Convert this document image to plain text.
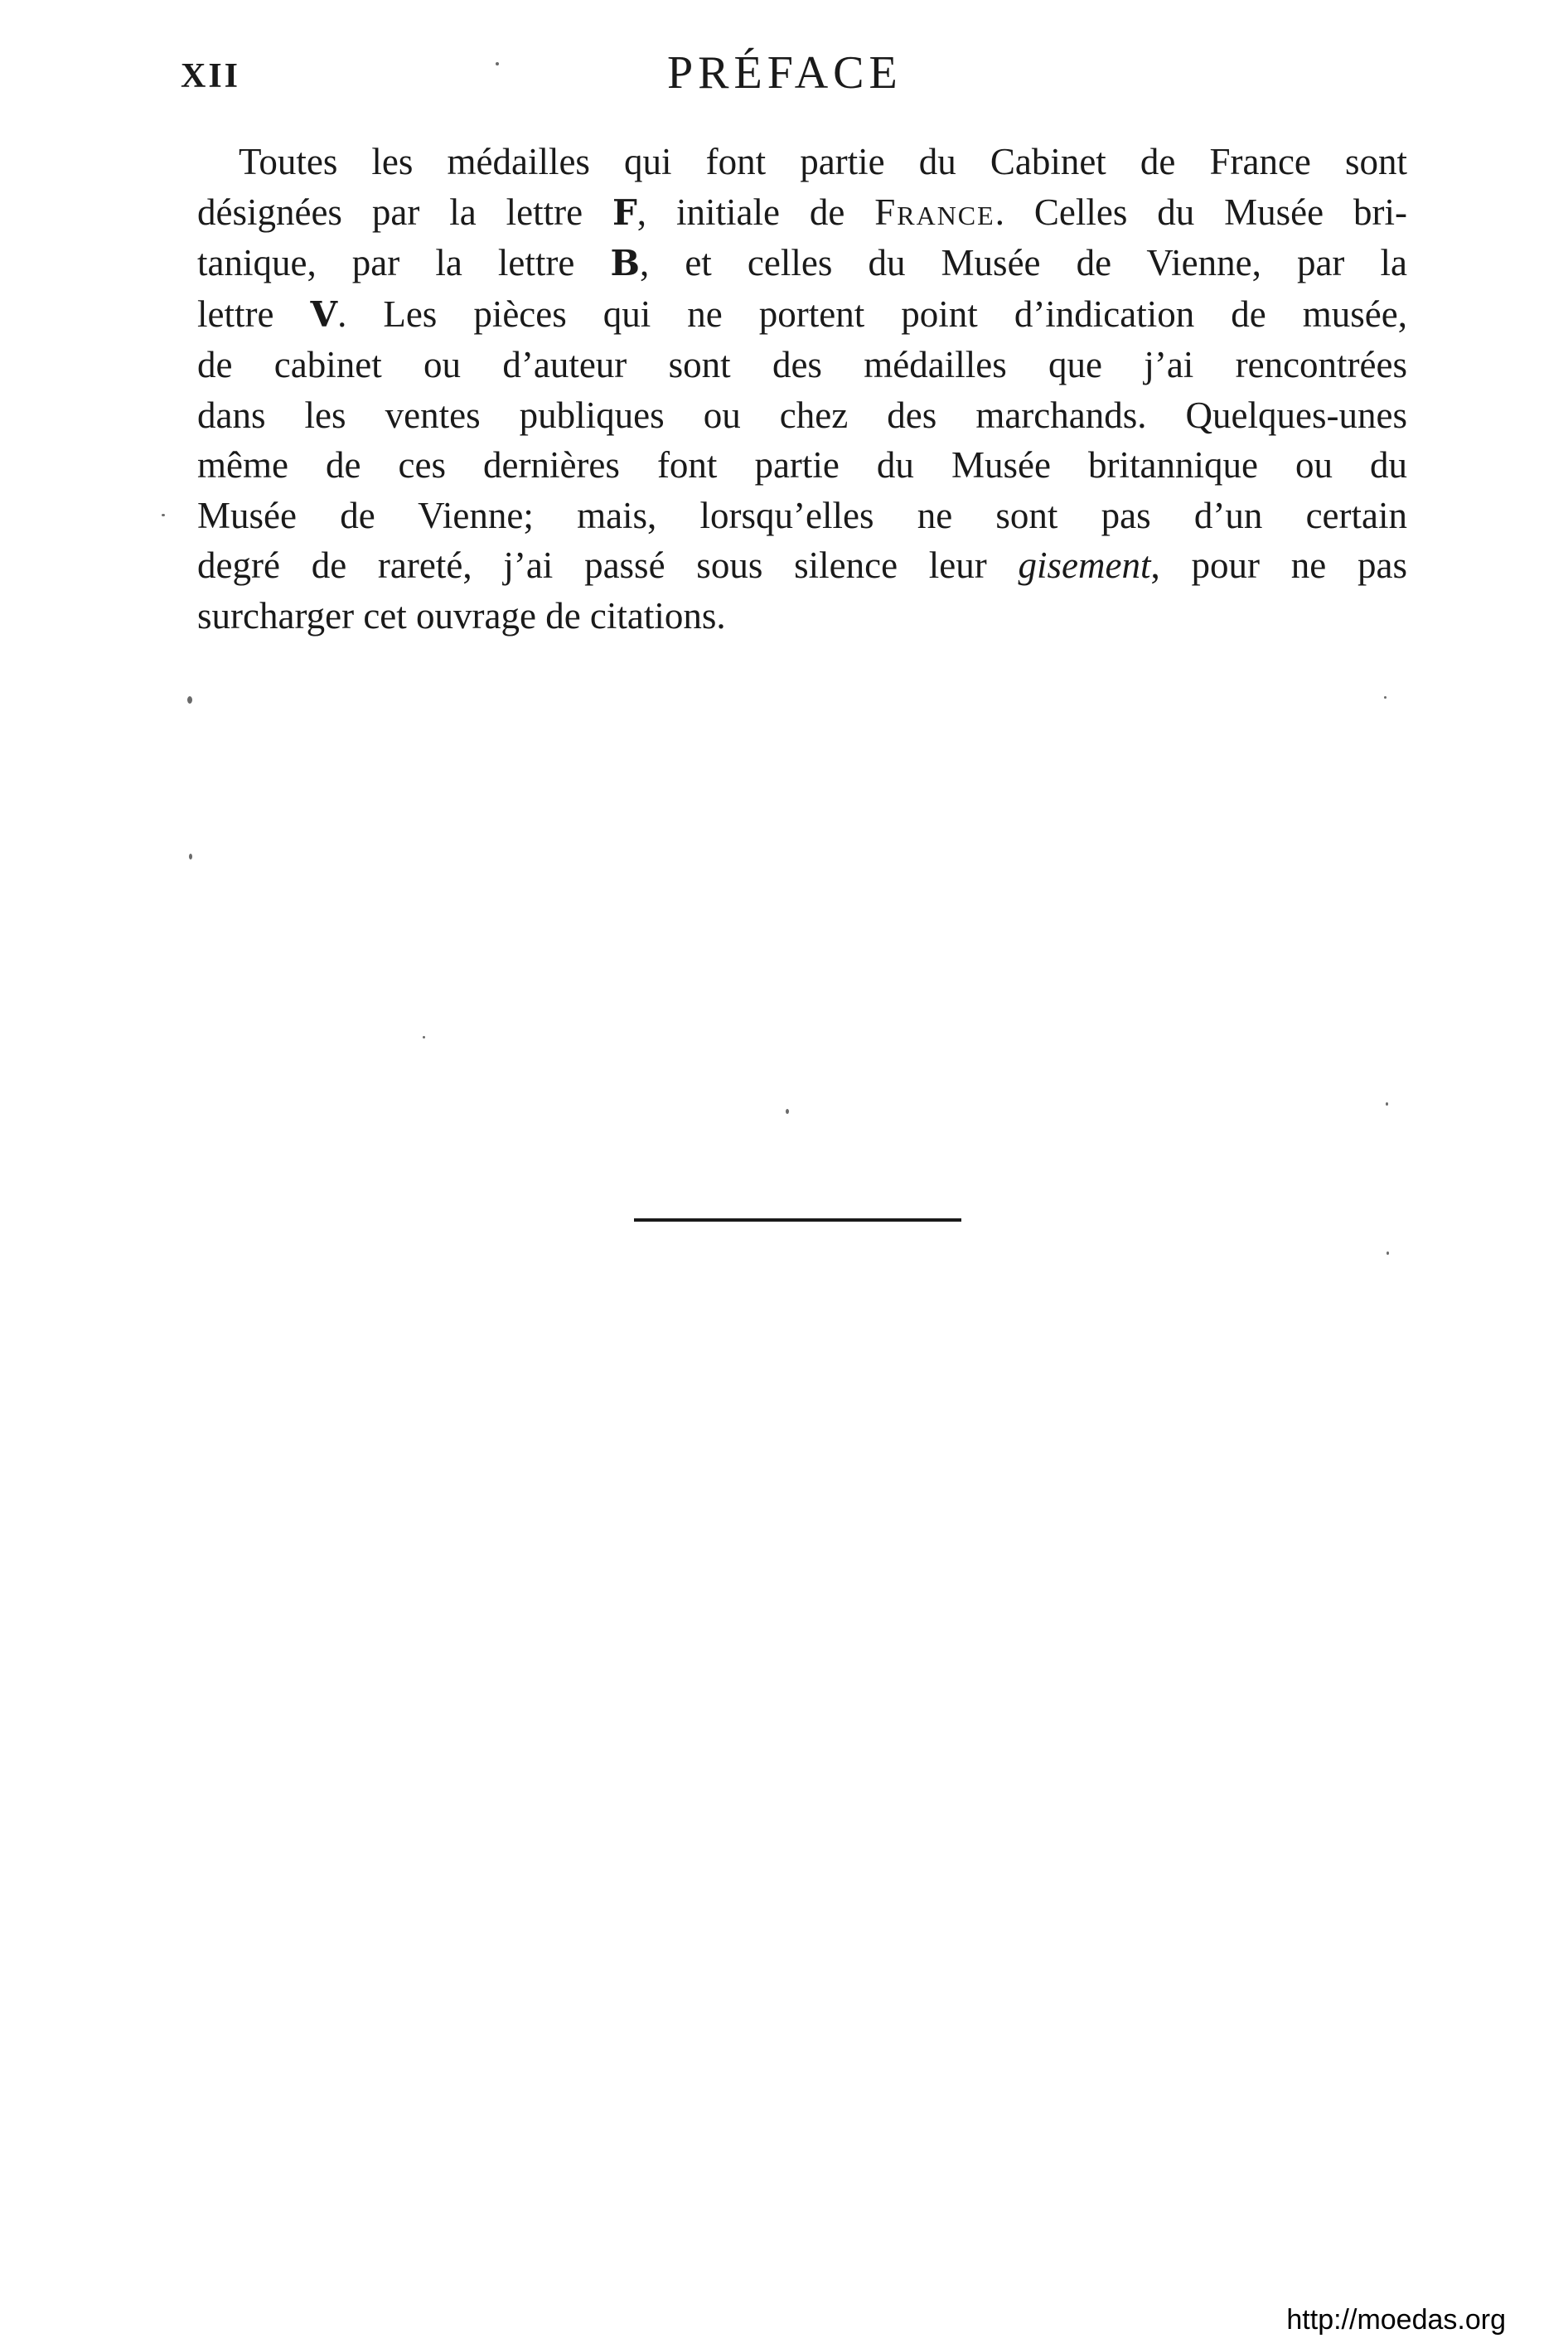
XII	PRÉFACE
Toutes les médailles qui font partie du Cabinet de France sont
désignées par la lettre F, initiale de France. Celles du Musée bri-
tanique, par la lettre B, et celles du Musée de Vienne, par la
lettre V. Les pièces qui ne portent point d’indication de musée,
de cabinet ou d’auteur sont des médailles que j’ai rencontrées
dans les ventes publiques ou chez des marchands. Quelques-unes
même de ces dernières font partie du Musée britannique ou du
Musée de Vienne; mais, lorsqu’elles ne sont pas d’un certain
degré de rareté, j’ai passé sous silence leur gisement, pour ne pas
surcharger cet ouvrage de citations.
http://moedas.org
